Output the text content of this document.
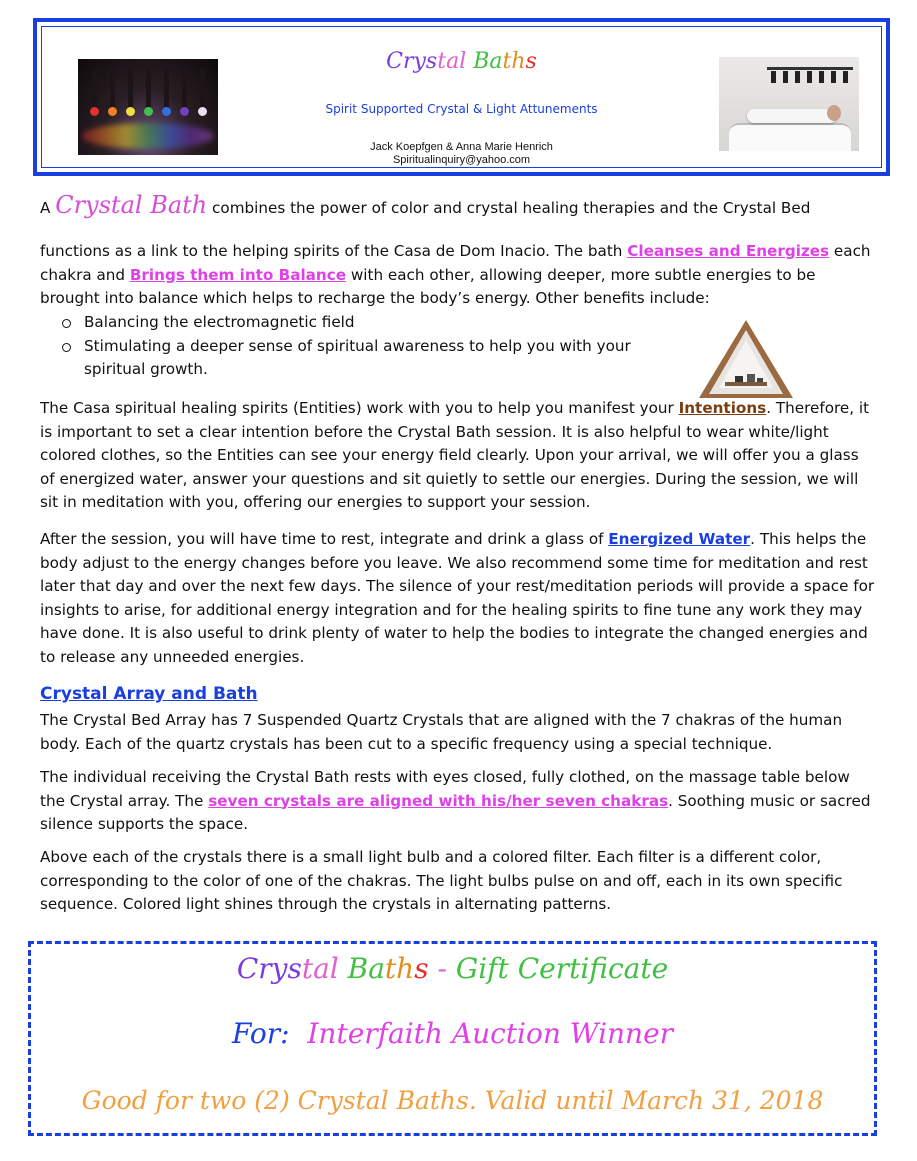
Crystal Baths
Spirit Supported Crystal & Light Attunements
Jack Koepfgen & Anna Marie Henrich
Spiritualinquiry@yahoo.com
A Crystal Bath combines the power of color and crystal healing therapies and the Crystal Bed
functions as a link to the helping spirits of the Casa de Dom Inacio. The bath Cleanses and Energizes each chakra and Brings them into Balance with each other, allowing deeper, more subtle energies to be brought into balance which helps to recharge the body’s energy. Other benefits include:
Balancing the electromagnetic field
Stimulating a deeper sense of spiritual awareness to help you with your spiritual growth.
The Casa spiritual healing spirits (Entities) work with you to help you manifest your Intentions. Therefore, it is important to set a clear intention before the Crystal Bath session. It is also helpful to wear white/light colored clothes, so the Entities can see your energy field clearly. Upon your arrival, we will offer you a glass of energized water, answer your questions and sit quietly to settle our energies. During the session, we will sit in meditation with you, offering our energies to support your session.
After the session, you will have time to rest, integrate and drink a glass of Energized Water. This helps the body adjust to the energy changes before you leave. We also recommend some time for meditation and rest later that day and over the next few days. The silence of your rest/meditation periods will provide a space for insights to arise, for additional energy integration and for the healing spirits to fine tune any work they may have done. It is also useful to drink plenty of water to help the bodies to integrate the changed energies and to release any unneeded energies.
Crystal Array and Bath
The Crystal Bed Array has 7 Suspended Quartz Crystals that are aligned with the 7 chakras of the human body. Each of the quartz crystals has been cut to a specific frequency using a special technique.
The individual receiving the Crystal Bath rests with eyes closed, fully clothed, on the massage table below the Crystal array. The seven crystals are aligned with his/her seven chakras. Soothing music or sacred silence supports the space.
Above each of the crystals there is a small light bulb and a colored filter. Each filter is a different color, corresponding to the color of one of the chakras. The light bulbs pulse on and off, each in its own specific sequence. Colored light shines through the crystals in alternating patterns.
Crystal Baths - Gift Certificate
For: Interfaith Auction Winner
Good for two (2) Crystal Baths. Valid until March 31, 2018
